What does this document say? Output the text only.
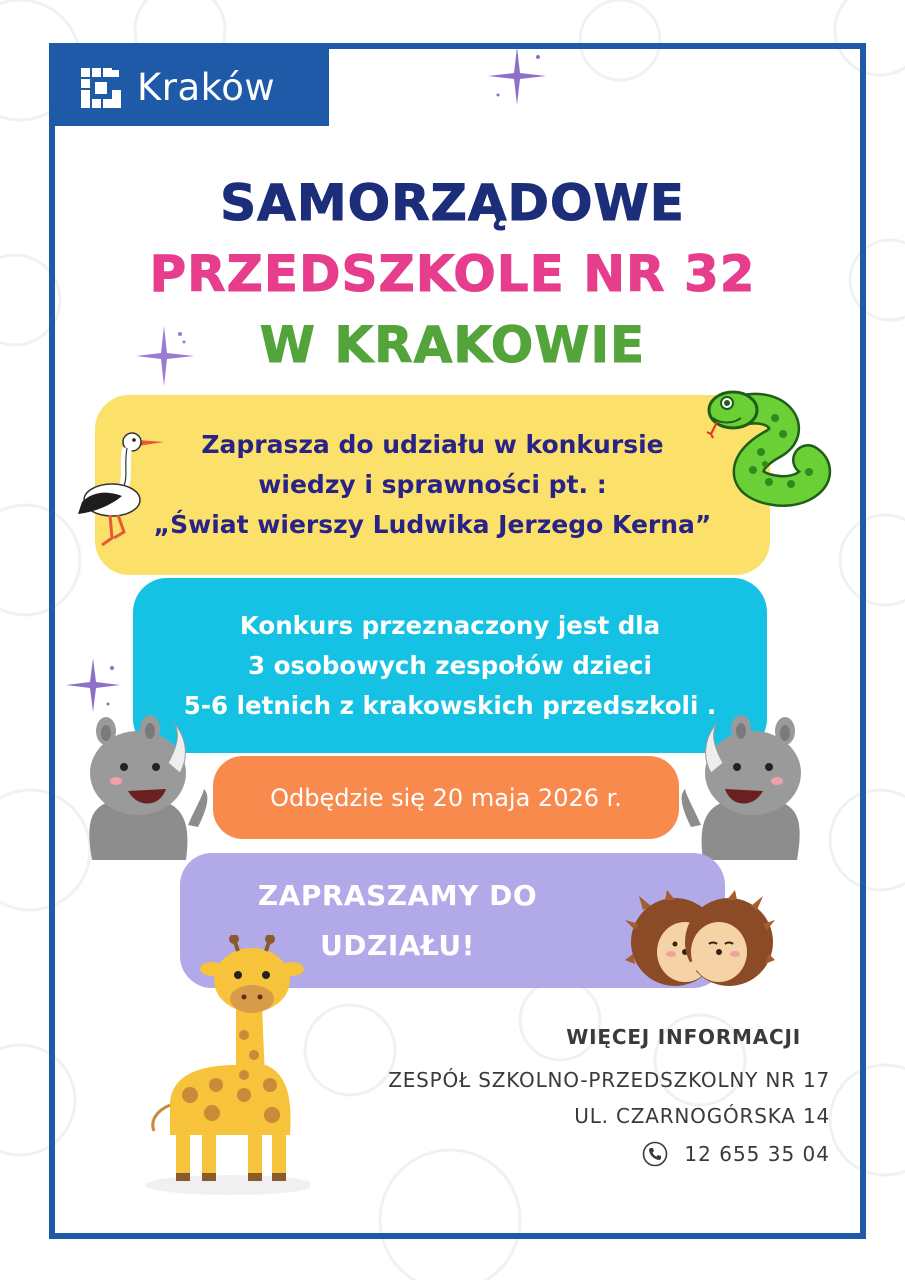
Kraków
SAMORZĄDOWE
PRZEDSZKOLE NR 32
W KRAKOWIE
Zaprasza do udziału w konkursie
wiedzy i sprawności pt. :
„Świat wierszy Ludwika Jerzego Kerna”
Konkurs przeznaczony jest dla
3 osobowych zespołów dzieci
5-6 letnich z krakowskich przedszkoli .
Odbędzie się 20 maja 2026 r.
ZAPRASZAMY DO
UDZIAŁU!
WIĘCEJ INFORMACJI
ZESPÓŁ SZKOLNO-PRZEDSZKOLNY NR 17
UL. CZARNOGÓRSKA 14
12 655 35 04
